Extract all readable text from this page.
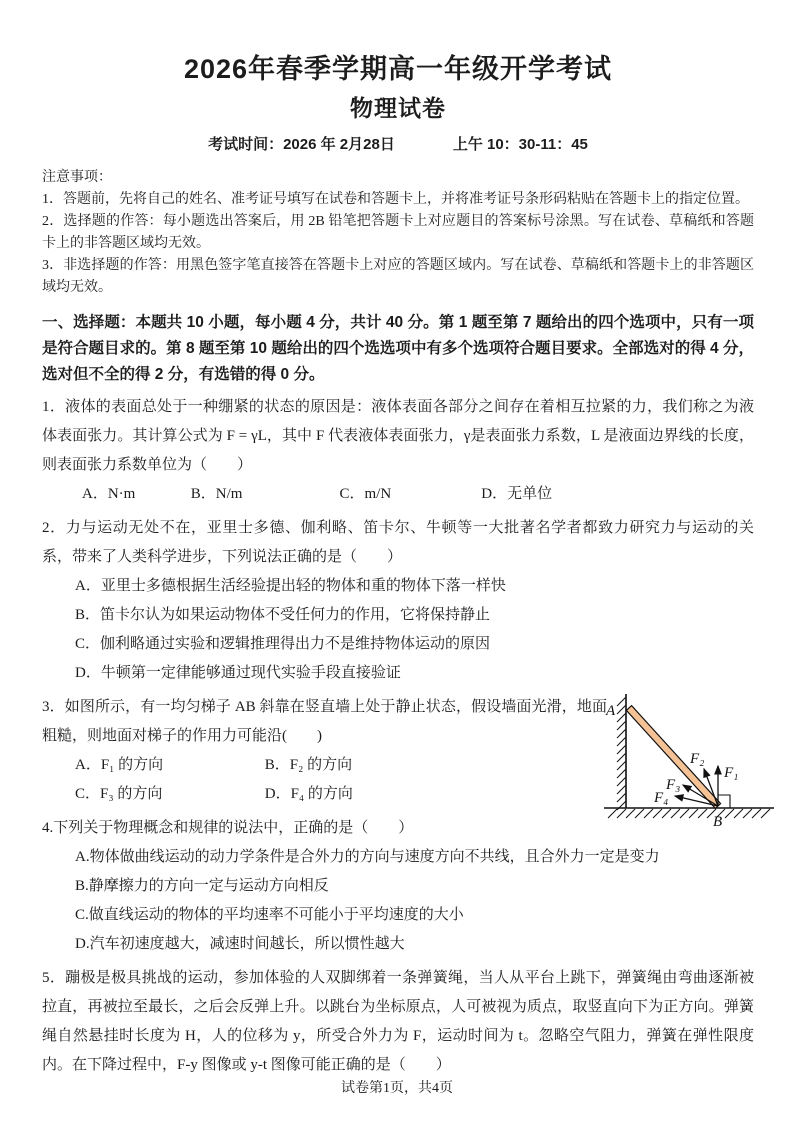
2026年春季学期高一年级开学考试
物理试卷
考试时间：2026 年 2月28日	上午 10：30-11：45

注意事项：

1．答题前，先将自己的姓名、准考证号填写在试卷和答题卡上，并将准考证号条形码粘贴在答题卡上的指定位置。

2．选择题的作答：每小题选出答案后，用 2B 铅笔把答题卡上对应题目的答案标号涂黑。写在试卷、草稿纸和答题卡上的非答题区域均无效。

3．非选择题的作答：用黑色签字笔直接答在答题卡上对应的答题区域内。写在试卷、草稿纸和答题卡上的非答题区域均无效。

一、选择题：本题共 10 小题，每小题 4 分，共计 40 分。第 1 题至第 7 题给出的四个选项中，只有一项是符合题目求的。第 8 题至第 10 题给出的四个选选项中有多个选项符合题目要求。全部选对的得 4 分，选对但不全的得 2 分，有选错的得 0 分。

1．液体的表面总处于一种绷紧的状态的原因是：液体表面各部分之间存在着相互拉紧的力，我们称之为液体表面张力。其计算公式为 F = γL，其中 F 代表液体表面张力，γ是表面张力系数，L 是液面边界线的长度，则表面张力系数单位为（　　）

A．N·m	B．N/m	C．m/N	D．无单位

2．力与运动无处不在，亚里士多德、伽利略、笛卡尔、牛顿等一大批著名学者都致力研究力与运动的关系，带来了人类科学进步，下列说法正确的是（　　）

A．亚里士多德根据生活经验提出轻的物体和重的物体下落一样快
B．笛卡尔认为如果运动物体不受任何力的作用，它将保持静止
C．伽利略通过实验和逻辑推理得出力不是维持物体运动的原因
D．牛顿第一定律能够通过现代实验手段直接验证

3．如图所示，有一均匀梯子 AB 斜靠在竖直墙上处于静止状态，假设墙面光滑，地面粗糙，则地面对梯子的作用力可能沿(　　)

A．F₁ 的方向	B．F₂ 的方向
C．F₃ 的方向	D．F₄ 的方向
A
B
F₁
F₂
F₃
F₄

4.下列关于物理概念和规律的说法中，正确的是（　　）

A.物体做曲线运动的动力学条件是合外力的方向与速度方向不共线，且合外力一定是变力
B.静摩擦力的方向一定与运动方向相反
C.做直线运动的物体的平均速率不可能小于平均速度的大小
D.汽车初速度越大，减速时间越长，所以惯性越大

5．蹦极是极具挑战的运动，参加体验的人双脚绑着一条弹簧绳，当人从平台上跳下，弹簧绳由弯曲逐渐被拉直，再被拉至最长，之后会反弹上升。以跳台为坐标原点，人可被视为质点，取竖直向下为正方向。弹簧绳自然悬挂时长度为 H，人的位移为 y，所受合外力为 F，运动时间为 t。忽略空气阻力，弹簧在弹性限度内。在下降过程中，F-y 图像或 y-t 图像可能正确的是（　　）

试卷第1页，共4页
